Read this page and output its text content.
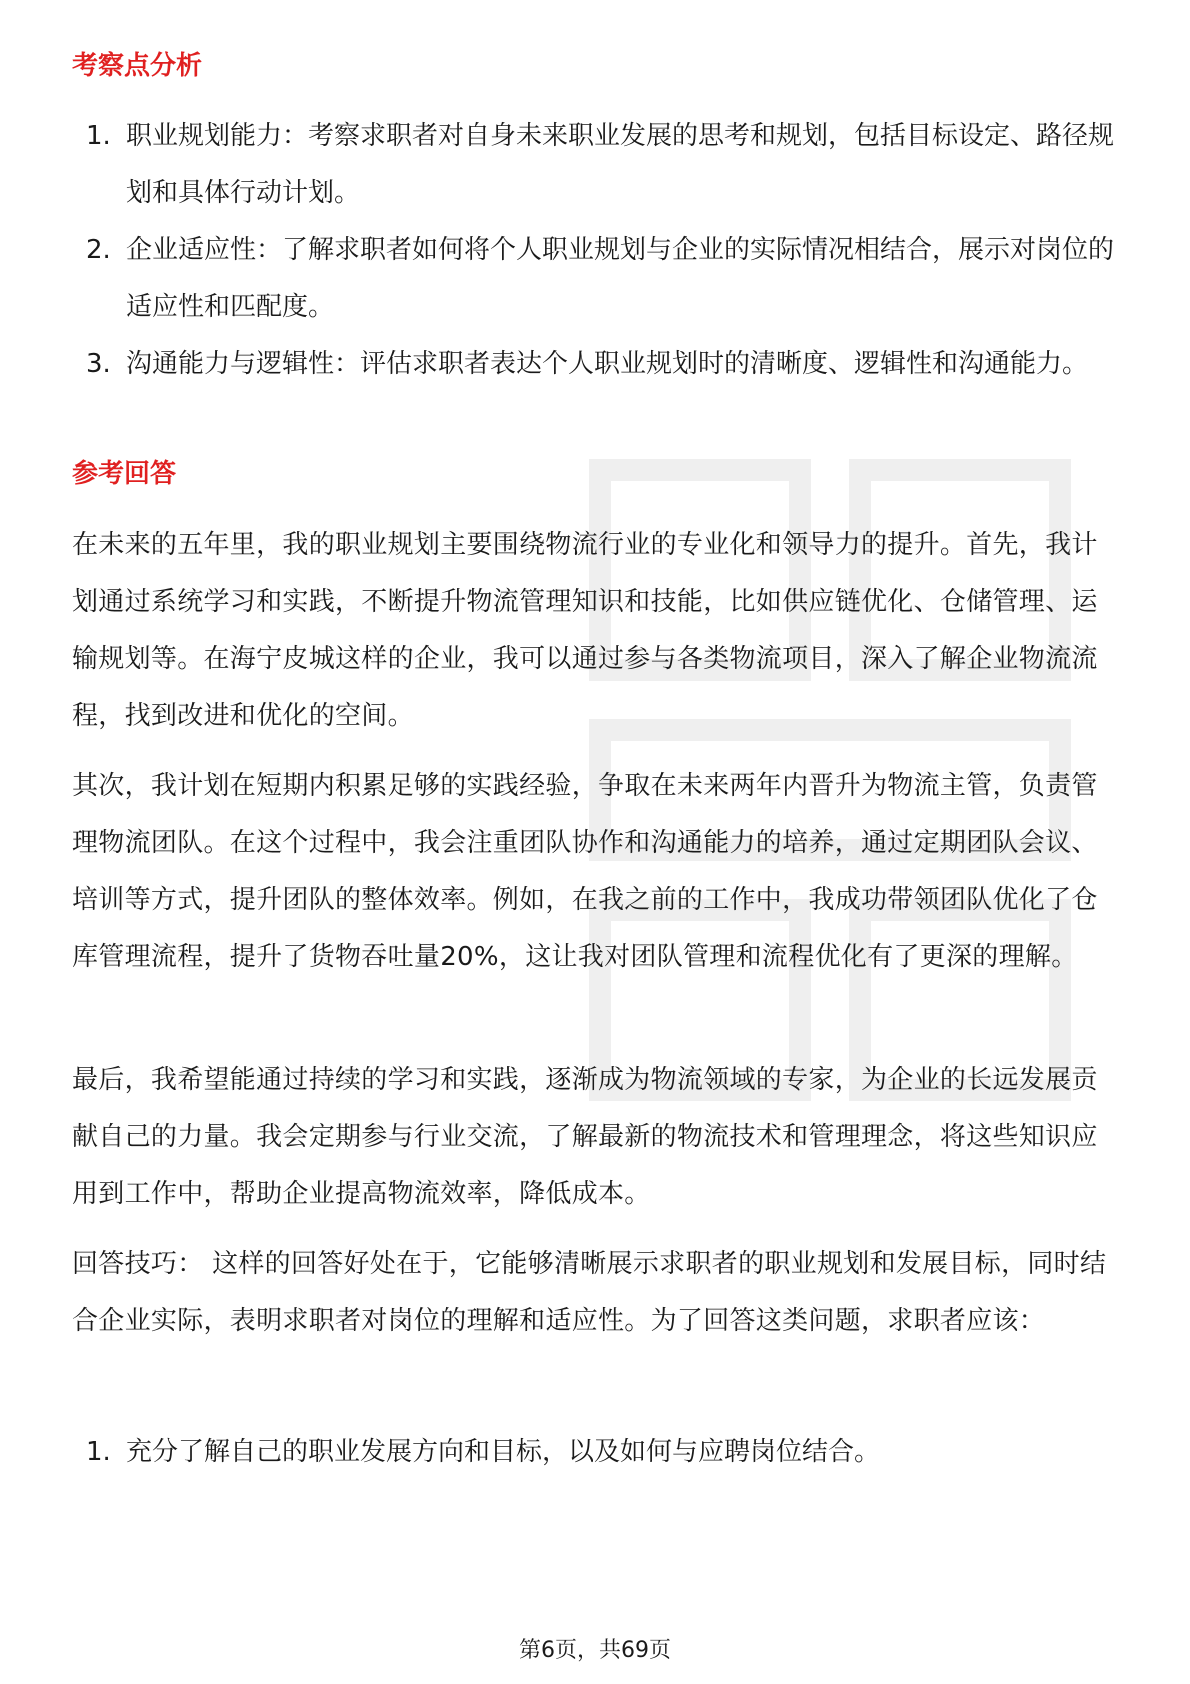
考察点分析
1. 职业规划能力：考察求职者对自身未来职业发展的思考和规划，包括目标设定、路径规划和具体行动计划。
2. 企业适应性：了解求职者如何将个人职业规划与企业的实际情况相结合，展示对岗位的适应性和匹配度。
3. 沟通能力与逻辑性：评估求职者表达个人职业规划时的清晰度、逻辑性和沟通能力。
参考回答

在未来的五年里，我的职业规划主要围绕物流行业的专业化和领导力的提升。首先，我计划通过系统学习和实践，不断提升物流管理知识和技能，比如供应链优化、仓储管理、运输规划等。在海宁皮城这样的企业，我可以通过参与各类物流项目，深入了解企业物流流程，找到改进和优化的空间。

其次，我计划在短期内积累足够的实践经验，争取在未来两年内晋升为物流主管，负责管理物流团队。在这个过程中，我会注重团队协作和沟通能力的培养，通过定期团队会议、培训等方式，提升团队的整体效率。例如，在我之前的工作中，我成功带领团队优化了仓库管理流程，提升了货物吞吐量20%，这让我对团队管理和流程优化有了更深的理解。

最后，我希望能通过持续的学习和实践，逐渐成为物流领域的专家，为企业的长远发展贡献自己的力量。我会定期参与行业交流，了解最新的物流技术和管理理念，将这些知识应用到工作中，帮助企业提高物流效率，降低成本。

回答技巧： 这样的回答好处在于，它能够清晰展示求职者的职业规划和发展目标，同时结合企业实际，表明求职者对岗位的理解和适应性。为了回答这类问题，求职者应该：

1. 充分了解自己的职业发展方向和目标，以及如何与应聘岗位结合。
第6页，共69页
